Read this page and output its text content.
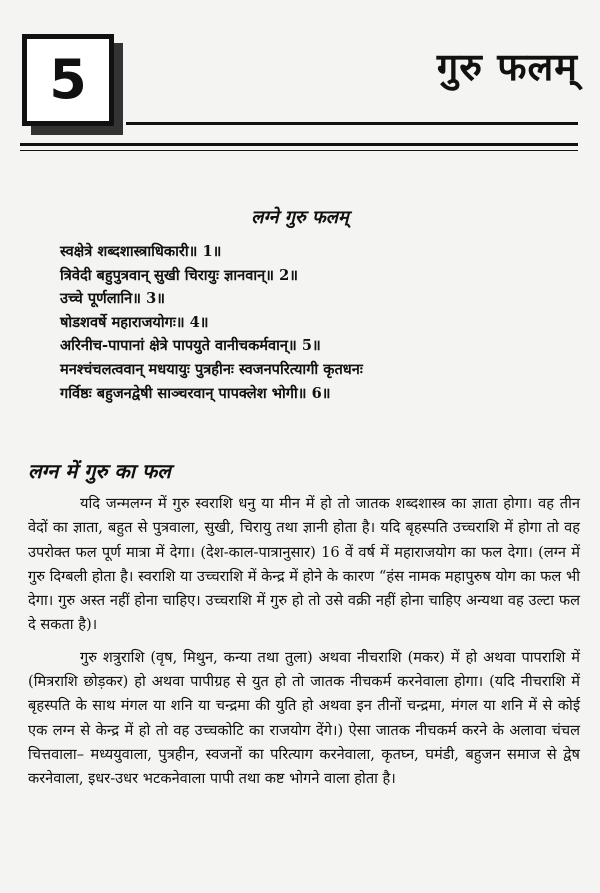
5	गुरु फलम्
लग्ने गुरु फलम्
स्वक्षेत्रे शब्दशास्त्राधिकारी॥ 1॥
त्रिवेदी बहुपुत्रवान् सुखी चिरायुः ज्ञानवान्॥ 2॥
उच्चे पूर्णलानि॥ 3॥
षोडशवर्षे महाराजयोगः॥ 4॥
अरिनीच-पापानां क्षेत्रे पापयुते वानीचकर्मवान्॥ 5॥
मनश्चंचलत्ववान् मधयायुः पुत्रहीनः स्वजनपरित्यागी कृतधनः
गर्विष्ठः बहुजनद्वेषी साञ्चरवान् पापक्लेश भोगी॥ 6॥
लग्न में गुरु का फल

यदि जन्मलग्न में गुरु स्वराशि धनु या मीन में हो तो जातक शब्दशास्त्र का ज्ञाता होगा। वह तीन वेदों का ज्ञाता, बहुत से पुत्रवाला, सुखी, चिरायु तथा ज्ञानी होता है। यदि बृहस्पति उच्चराशि में होगा तो वह उपरोक्त फल पूर्ण मात्रा में देगा। (देश-काल-पात्रानुसार) 16 वें वर्ष में महाराजयोग का फल देगा। (लग्न में गुरु दिग्बली होता है। स्वराशि या उच्चराशि में केन्द्र में होने के कारण “हंस नामक महापुरुष योग का फल भी देगा। गुरु अस्त नहीं होना चाहिए। उच्चराशि में गुरु हो तो उसे वक्री नहीं होना चाहिए अन्यथा वह उल्टा फल दे सकता है)।

गुरु शत्रुराशि (वृष, मिथुन, कन्या तथा तुला) अथवा नीचराशि (मकर) में हो अथवा पापराशि में (मित्रराशि छोड़कर) हो अथवा पापीग्रह से युत हो तो जातक नीचकर्म करनेवाला होगा। (यदि नीचराशि में बृहस्पति के साथ मंगल या शनि या चन्द्रमा की युति हो अथवा इन तीनों चन्द्रमा, मंगल या शनि में से कोई एक लग्न से केन्द्र में हो तो वह उच्चकोटि का राजयोग देंगे।) ऐसा जातक नीचकर्म करने के अलावा चंचल चित्तवाला– मध्ययुवाला, पुत्रहीन, स्वजनों का परित्याग करनेवाला, कृतघ्न, घमंडी, बहुजन समाज से द्वेष करनेवाला, इधर-उधर भटकनेवाला पापी तथा कष्ट भोगने वाला होता है।
